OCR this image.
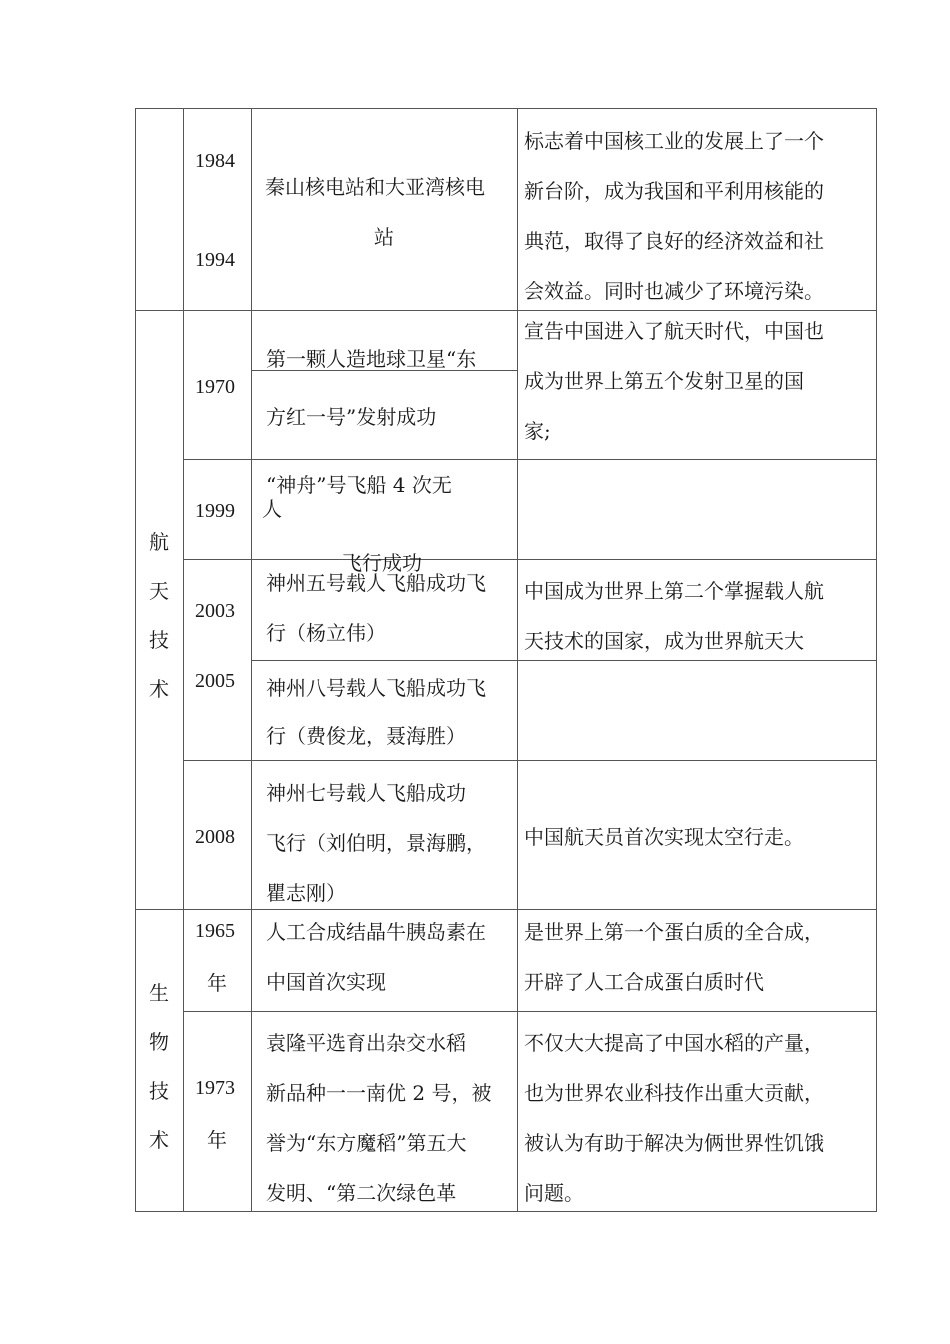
1984
1994
秦山核电站和大亚湾核电
站
标志着中国核工业的发展上了一个
新台阶，成为我国和平利用核能的
典范，取得了良好的经济效益和社
会效益。同时也减少了环境污染。
航
天
技
术
1970
第一颗人造地球卫星“东
方红一号”发射成功
宣告中国进入了航天时代，中国也
成为世界上第五个发射卫星的国
家;
1999
“神舟”号飞船 4 次无
人
飞行成功
2003
神州五号载人飞船成功飞
行（杨立伟）
中国成为世界上第二个掌握载人航
天技术的国家，成为世界航天大
2005 神州八号载人飞船成功飞
行（费俊龙，聂海胜）
2008
神州七号载人飞船成功
飞行（刘伯明，景海鹏，
瞿志刚）
中国航天员首次实现太空行走。
生
物
技
术
1965
年
人工合成结晶牛胰岛素在
中国首次实现
是世界上第一个蛋白质的全合成，
开辟了人工合成蛋白质时代
1973
年
袁隆平选育出杂交水稻
新品种一一南优 2 号，被
誉为“东方魔稻”第五大
发明、“第二次绿色革
不仅大大提高了中国水稻的产量，
也为世界农业科技作出重大贡献，
被认为有助于解决为俩世界性饥饿
问题。
